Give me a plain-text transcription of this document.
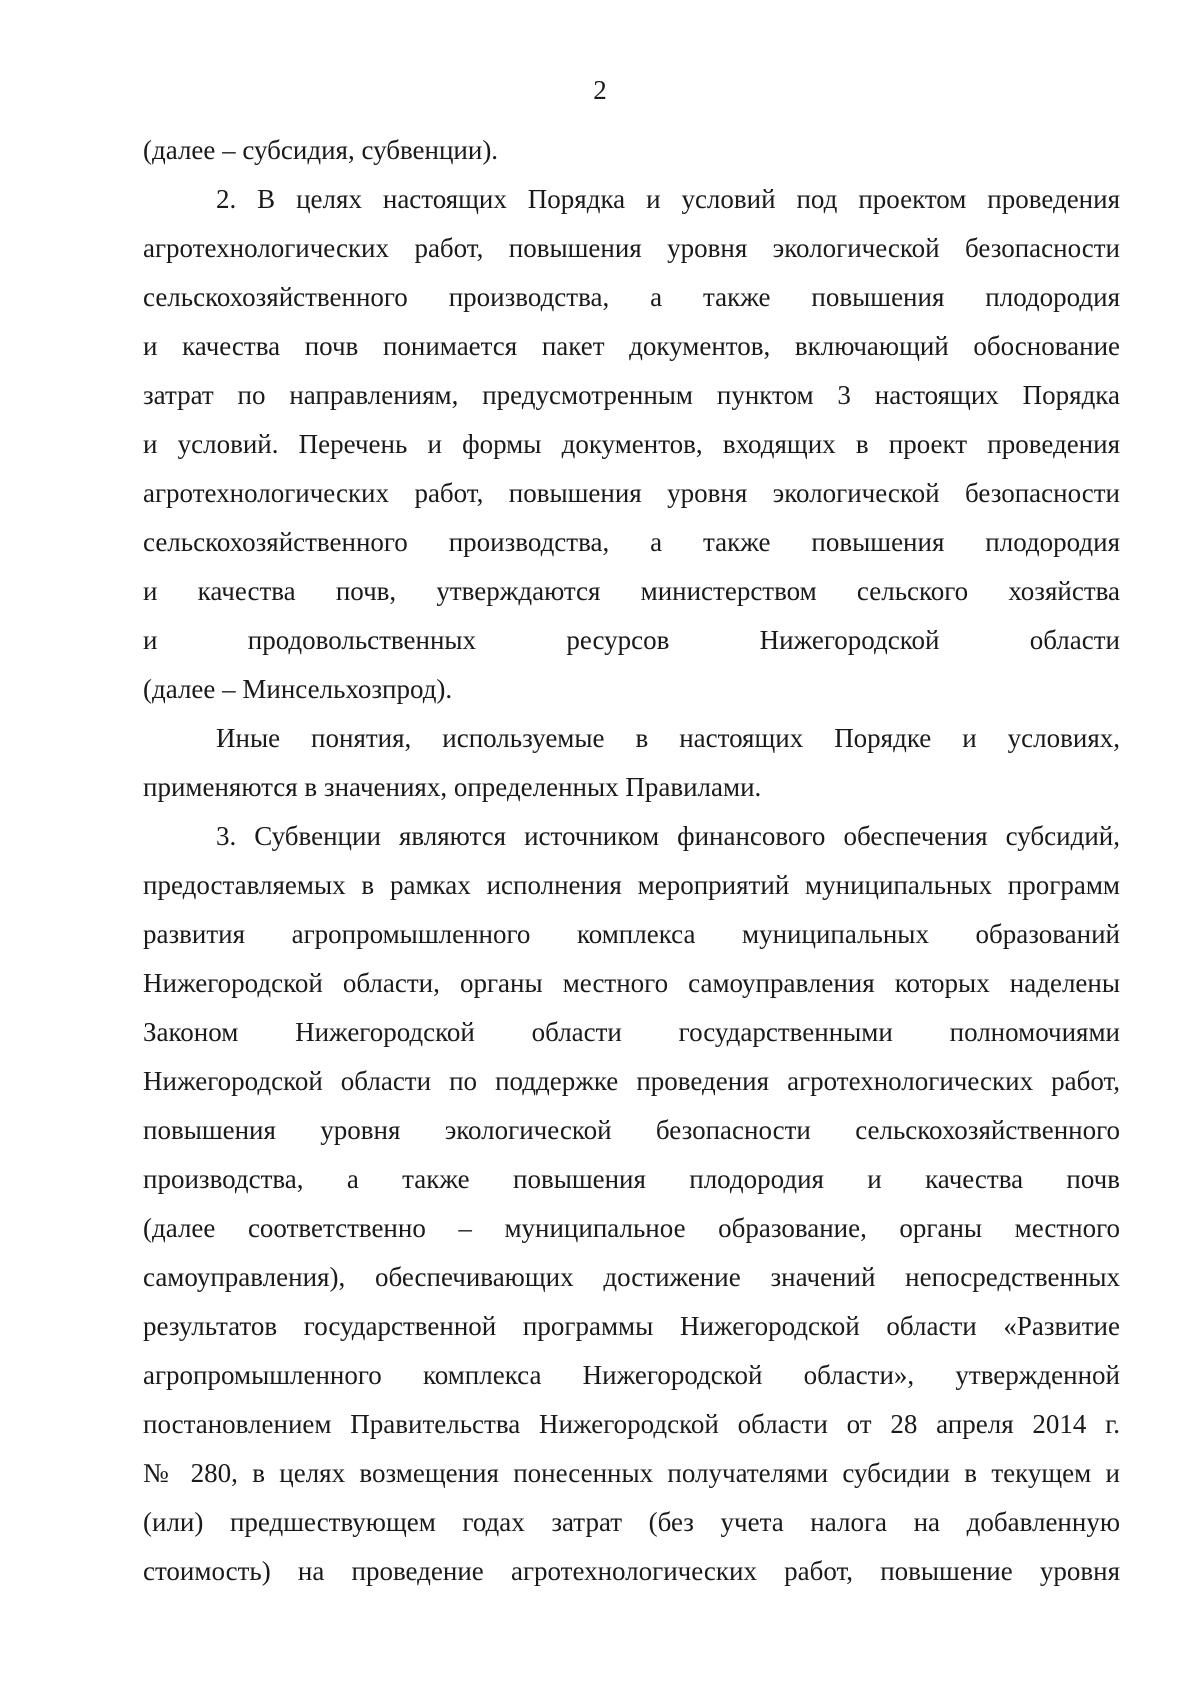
2
(далее – субсидия, субвенции).
2. В целях настоящих Порядка и условий под проектом проведения
агротехнологических работ, повышения уровня экологической безопасности
сельскохозяйственного производства, а также повышения плодородия
и качества почв понимается пакет документов, включающий обоснование
затрат по направлениям, предусмотренным пунктом 3 настоящих Порядка
и условий. Перечень и формы документов, входящих в проект проведения
агротехнологических работ, повышения уровня экологической безопасности
сельскохозяйственного производства, а также повышения плодородия
и качества почв, утверждаются министерством сельского хозяйства
и продовольственных ресурсов Нижегородской области
(далее – Минсельхозпрод).
Иные понятия, используемые в настоящих Порядке и условиях,
применяются в значениях, определенных Правилами.
3. Субвенции являются источником финансового обеспечения субсидий,
предоставляемых в рамках исполнения мероприятий муниципальных программ
развития агропромышленного комплекса муниципальных образований
Нижегородской области, органы местного самоуправления которых наделены
Законом Нижегородской области государственными полномочиями
Нижегородской области по поддержке проведения агротехнологических работ,
повышения уровня экологической безопасности сельскохозяйственного
производства, а также повышения плодородия и качества почв
(далее соответственно – муниципальное образование, органы местного
самоуправления), обеспечивающих достижение значений непосредственных
результатов государственной программы Нижегородской области «Развитие
агропромышленного комплекса Нижегородской области», утвержденной
постановлением Правительства Нижегородской области от 28 апреля 2014 г.
№ 280, в целях возмещения понесенных получателями субсидии в текущем и
(или) предшествующем годах затрат (без учета налога на добавленную
стоимость) на проведение агротехнологических работ, повышение уровня
